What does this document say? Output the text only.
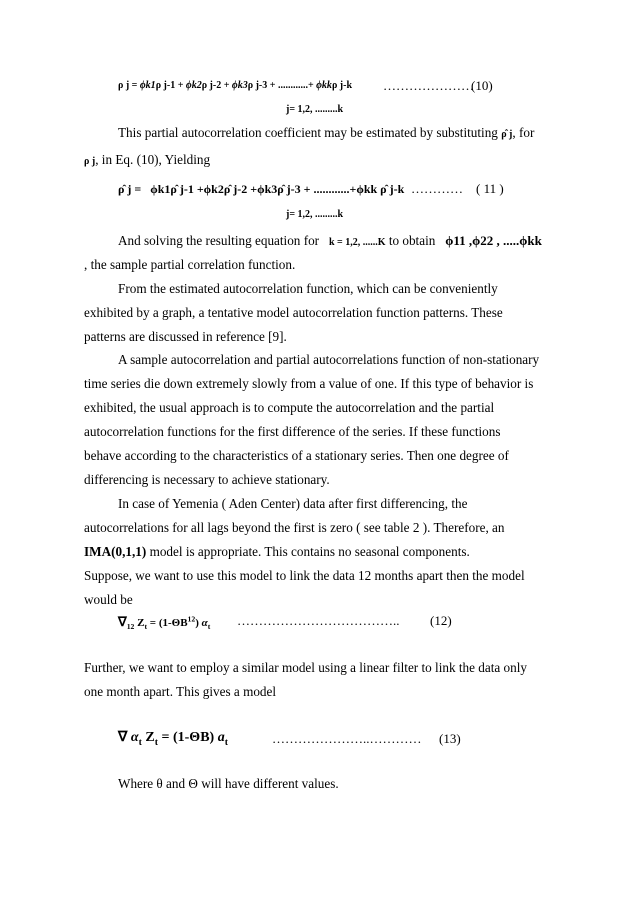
ρ j = ϕk1ρ j-1 + ϕk2ρ j-2 + ϕk3ρ j-3 + ............+ ϕkkρ j-k …………………
(10)
j= 1,2, .........k
This partial autocorrelation coefficient may be estimated by substituting ρ̂ j, for
ρ j, in Eq. (10), Yielding
ρ̂ j = ϕk1ρ̂ j-1 +ϕk2ρ̂ j-2 +ϕk3ρ̂ j-3 + ............+ϕkk ρ̂ j-k ………… ( 11 )
j= 1,2, .........k
And solving the resulting equation for k = 1,2, ......K to obtain ϕ11 ,ϕ22 , .....ϕkk
, the sample partial correlation function.
From the estimated autocorrelation function, which can be conveniently
exhibited by a graph, a tentative model autocorrelation function patterns. These
patterns are discussed in reference [9].
A sample autocorrelation and partial autocorrelations function of non-stationary
time series die down extremely slowly from a value of one. If this type of behavior is
exhibited, the usual approach is to compute the autocorrelation and the partial
autocorrelation functions for the first difference of the series. If these functions
behave according to the characteristics of a stationary series. Then one degree of
differencing is necessary to achieve stationary.
In case of Yemenia ( Aden Center) data after first differencing, the
autocorrelations for all lags beyond the first is zero ( see table 2 ). Therefore, an
IMA(0,1,1) model is appropriate. This contains no seasonal components.
Suppose, we want to use this model to link the data 12 months apart then the model
would be
$\nabla_{12}$ $Z_t = (1-\Theta B^{12})$ $\alpha_t$ ……………………………….. (12)
Further, we want to employ a similar model using a linear filter to link the data only
one month apart. This gives a model
∇ $\alpha_t$ $Z_t = (1-\Theta B)$ $a_t$	…………………..………… (13)
Where θ and Θ will have different values.
